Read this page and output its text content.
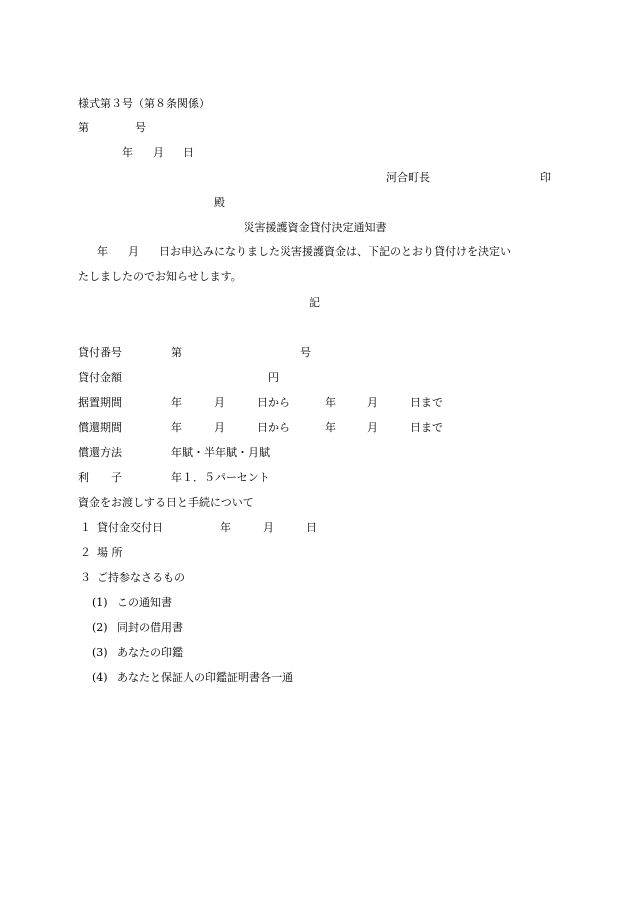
様式第３号（第８条関係）
第	号
年 月 日
河合町長	印
殿
災害援護資金貸付決定通知書
年 月 日お申込みになりました災害援護資金は、下記のとおり貸付けを決定い
たしましたのでお知らせします。
記
貸付番号	第	号
貸付金額	円
据置期間	年	月	日から	年	月	日まで
償還期間	年	月	日から	年	月	日まで
償還方法	年賦・半年賦・月賦
利　　子	年１．５パーセント
資金をお渡しする日と手続について
１ 貸付金交付日	年	月	日
２ 場 所
３ ご持参なさるもの
(1) この通知書
(2) 同封の借用書
(3) あなたの印鑑
(4) あなたと保証人の印鑑証明書各一通
